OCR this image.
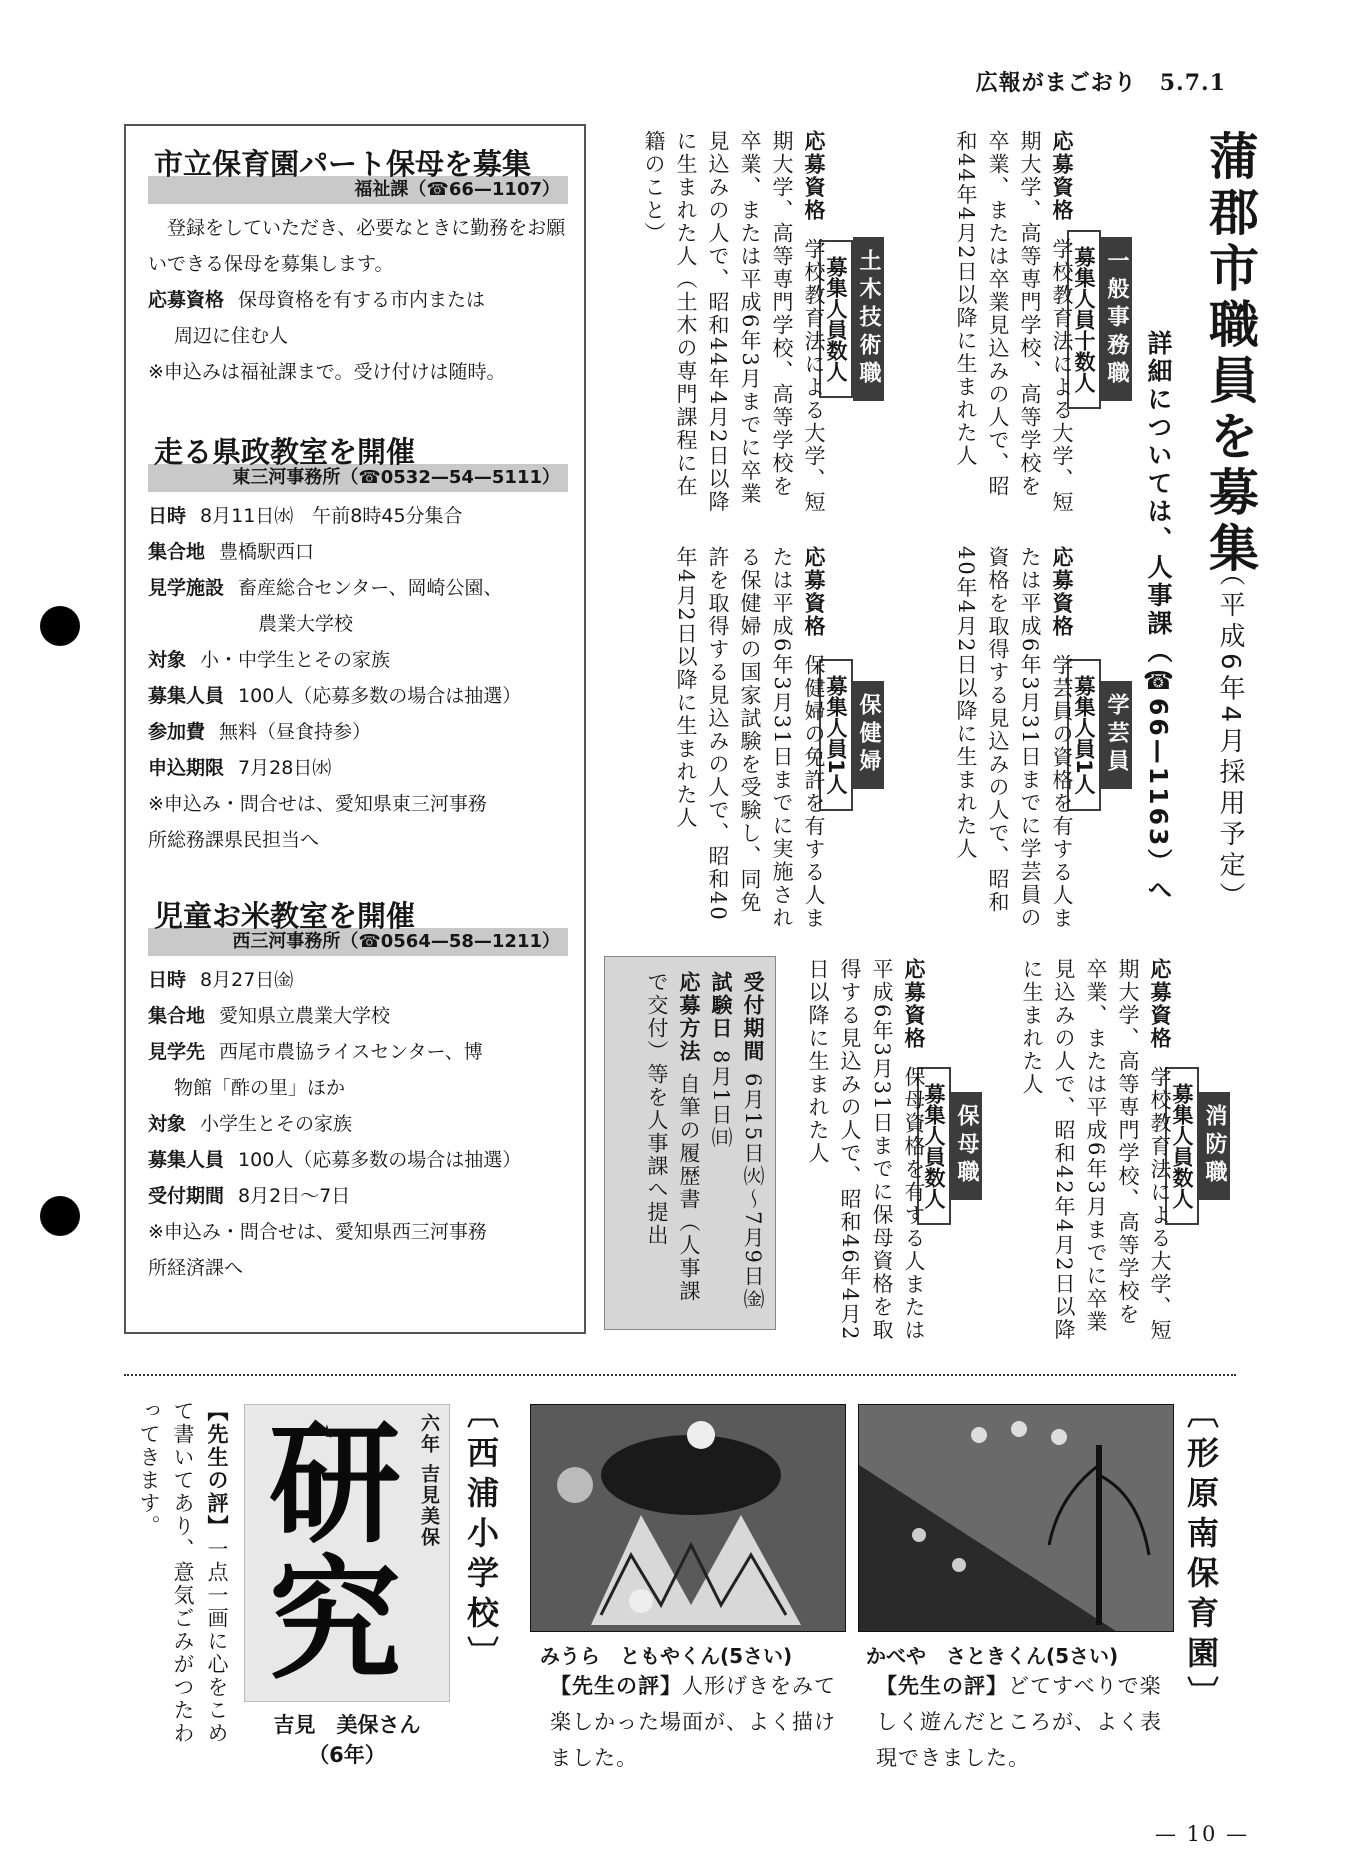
広報がまごおり　5.7.1
市立保育園パート保母を募集
福祉課（☎66—1107）
登録をしていただき、必要なときに勤務をお願いできる保母を募集します。
応募資格 保母資格を有する市内または
周辺に住む人
※申込みは福祉課まで。受け付けは随時。
走る県政教室を開催
東三河事務所（☎0532—54—5111）
日時 8月11日㈬　午前8時45分集合
集合地 豊橋駅西口
見学施設 畜産総合センター、岡崎公園、
農業大学校
対象 小・中学生とその家族
募集人員 100人（応募多数の場合は抽選）
参加費 無料（昼食持参）
申込期限 7月28日㈬
※申込み・問合せは、愛知県東三河事務
所総務課県民担当へ
児童お米教室を開催
西三河事務所（☎0564—58—1211）
日時 8月27日㈮
集合地 愛知県立農業大学校
見学先 西尾市農協ライスセンター、博
物館「酢の里」ほか
対象 小学生とその家族
募集人員 100人（応募多数の場合は抽選）
受付期間 8月2日～7日
※申込み・問合せは、愛知県西三河事務
所経済課へ
蒲郡市職員を募集
詳細については、人事課（☎66—1163）へ （平成6年4月採用予定）
一般事務職
募集人員
十数人
応募資格学校教育法による大学、短期大学、高等専門学校、高等学校を卒業、または卒業見込みの人で、昭和44年4月2日以降に生まれた人
土木技術職
募集人員
数人
応募資格学校教育法による大学、短期大学、高等専門学校、高等学校を卒業、または平成6年3月までに卒業見込みの人で、昭和44年4月2日以降に生まれた人（土木の専門課程に在籍のこと）
学芸員
募集人員
1人
応募資格学芸員の資格を有する人または平成6年3月31日までに学芸員の資格を取得する見込みの人で、昭和40年4月2日以降に生まれた人
保健婦
募集人員
1人
応募資格保健婦の免許を有する人または平成6年3月31日までに実施される保健婦の国家試験を受験し、同免許を取得する見込みの人で、昭和40年4月2日以降に生まれた人
消防職
募集人員
数人
応募資格学校教育法による大学、短期大学、高等専門学校、高等学校を卒業、または平成6年3月までに卒業見込みの人で、昭和42年4月2日以降に生まれた人
保母職
募集人員
数人
応募資格保母資格を有する人または平成6年3月31日までに保母資格を取得する見込みの人で、昭和46年4月2日以降に生まれた人
受付期間6月15日㈫～7月9日㈮
試験日8月1日㈰
応募方法自筆の履歴書（人事課で交付）等を人事課へ提出
〔西浦小学校〕	〔形原南保育園〕
研
究
六年 吉見美保
吉見　美保さん
（6年）
【先生の評】一点一画に心をこめて書いてあり、意気ごみがつたわってきます。
みうら　ともやくん(5さい)
【先生の評】人形げきをみて楽しかった場面が、よく描けました。
かべや　さときくん(5さい)
【先生の評】どてすべりで楽しく遊んだところが、よく表現できました。
— 10 —
